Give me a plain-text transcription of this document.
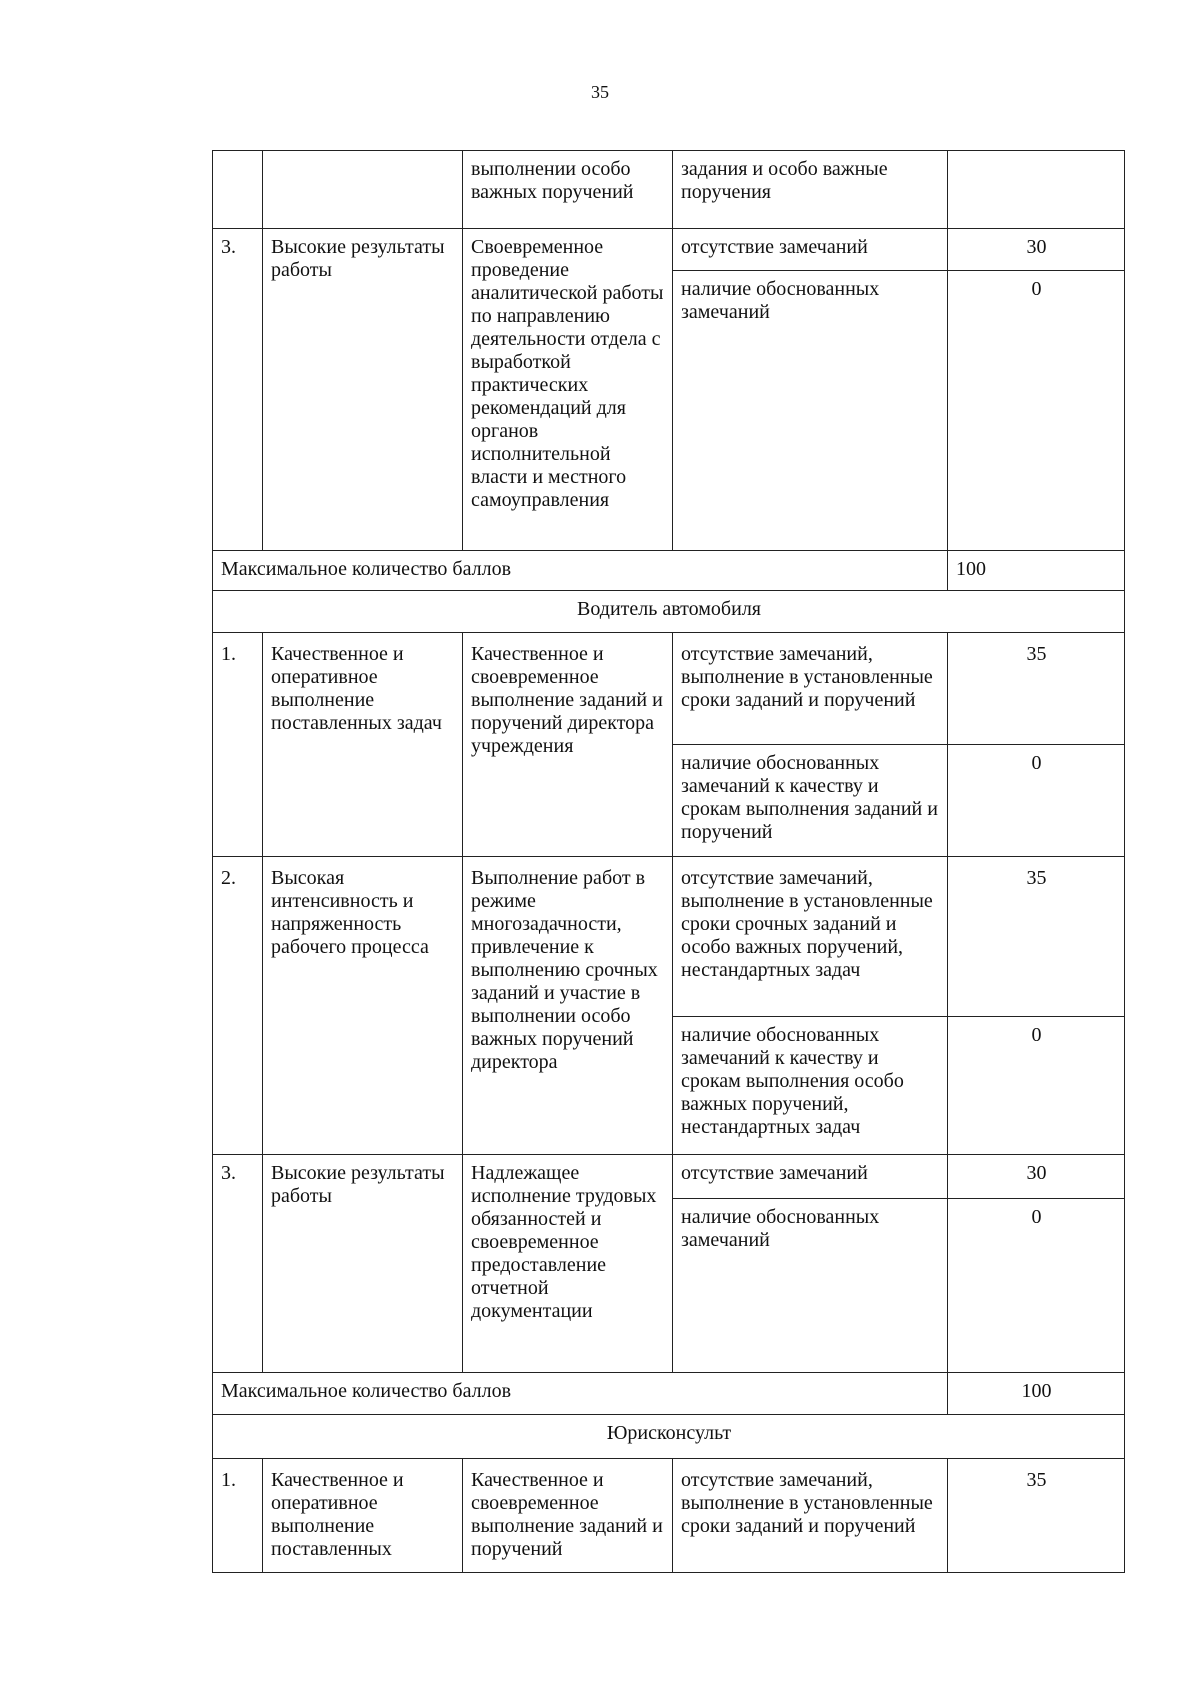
35
		выполнении особо важных поручений	задания и особо важные поручения	
3.	Высокие результаты работы	Своевременное проведение аналитической работы по направлению деятельности отдела с выработкой практических рекомендаций для органов исполнительной власти и местного самоуправления	отсутствие замечаний	30
			наличие обоснованных замечаний	0
Максимальное количество баллов				100
Водитель автомобиля				
1.	Качественное и оперативное выполнение поставленных задач	Качественное и своевременное выполнение заданий и поручений директора учреждения	отсутствие замечаний, выполнение в установленные сроки заданий и поручений	35
			наличие обоснованных замечаний к качеству и срокам выполнения заданий и поручений	0
2.	Высокая интенсивность и напряженность рабочего процесса	Выполнение работ в режиме многозадачности, привлечение к выполнению срочных заданий и участие в выполнении особо важных поручений директора	отсутствие замечаний, выполнение в установленные сроки срочных заданий и особо важных поручений, нестандартных задач	35
			наличие обоснованных замечаний к качеству и срокам выполнения особо важных поручений, нестандартных задач	0
3.	Высокие результаты работы	Надлежащее исполнение трудовых обязанностей и своевременное предоставление отчетной документации	отсутствие замечаний	30
			наличие обоснованных замечаний	0
Максимальное количество баллов				100
Юрисконсульт				
1.	Качественное и оперативное выполнение поставленных	Качественное и своевременное выполнение заданий и поручений	отсутствие замечаний, выполнение в установленные сроки заданий и поручений	35
